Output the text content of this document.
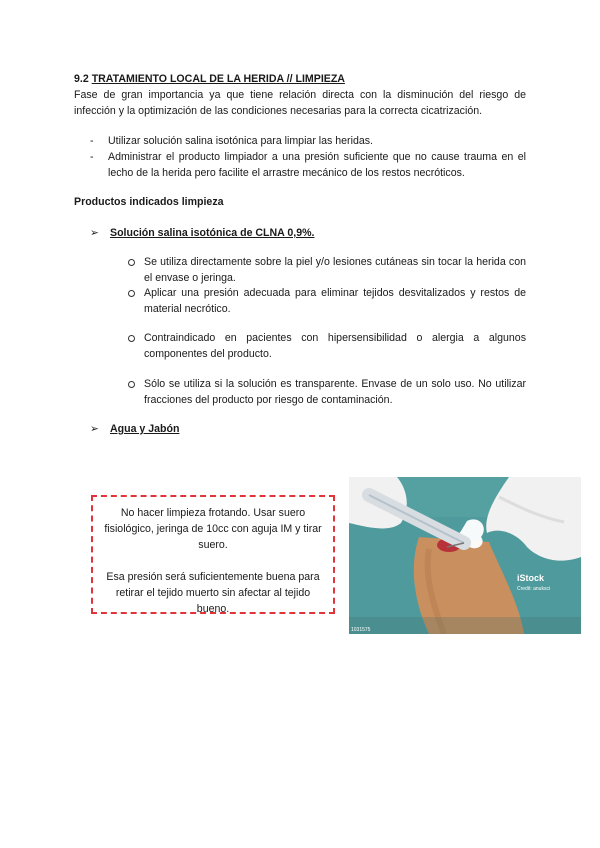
9.2 TRATAMIENTO LOCAL DE LA HERIDA // LIMPIEZA
Fase de gran importancia ya que tiene relación directa con la disminución del riesgo de infección y la optimización de las condiciones necesarias para la correcta cicatrización.
- Utilizar solución salina isotónica para limpiar las heridas.
- Administrar el producto limpiador a una presión suficiente que no cause trauma en el lecho de la herida pero facilite el arrastre mecánico de los restos necróticos.
Productos indicados limpieza
➢ Solución salina isotónica de CLNA 0,9%.
Se utiliza directamente sobre la piel y/o lesiones cutáneas sin tocar la herida con el envase o jeringa.
Aplicar una presión adecuada para eliminar tejidos desvitalizados y restos de material necrótico.
Contraindicado en pacientes con hipersensibilidad o alergia a algunos componentes del producto.
Sólo se utiliza si la solución es transparente. Envase de un solo uso. No utilizar fracciones del producto por riesgo de contaminación.
➢ Agua y Jabón

No hacer limpieza frotando. Usar suero fisiológico, jeringa de 10cc con aguja IM y tirar suero.

Esa presión será suficientemente buena para retirar el tejido muerto sin afectar al tejido bueno.

iStock
Credit: anuksci
1031575
